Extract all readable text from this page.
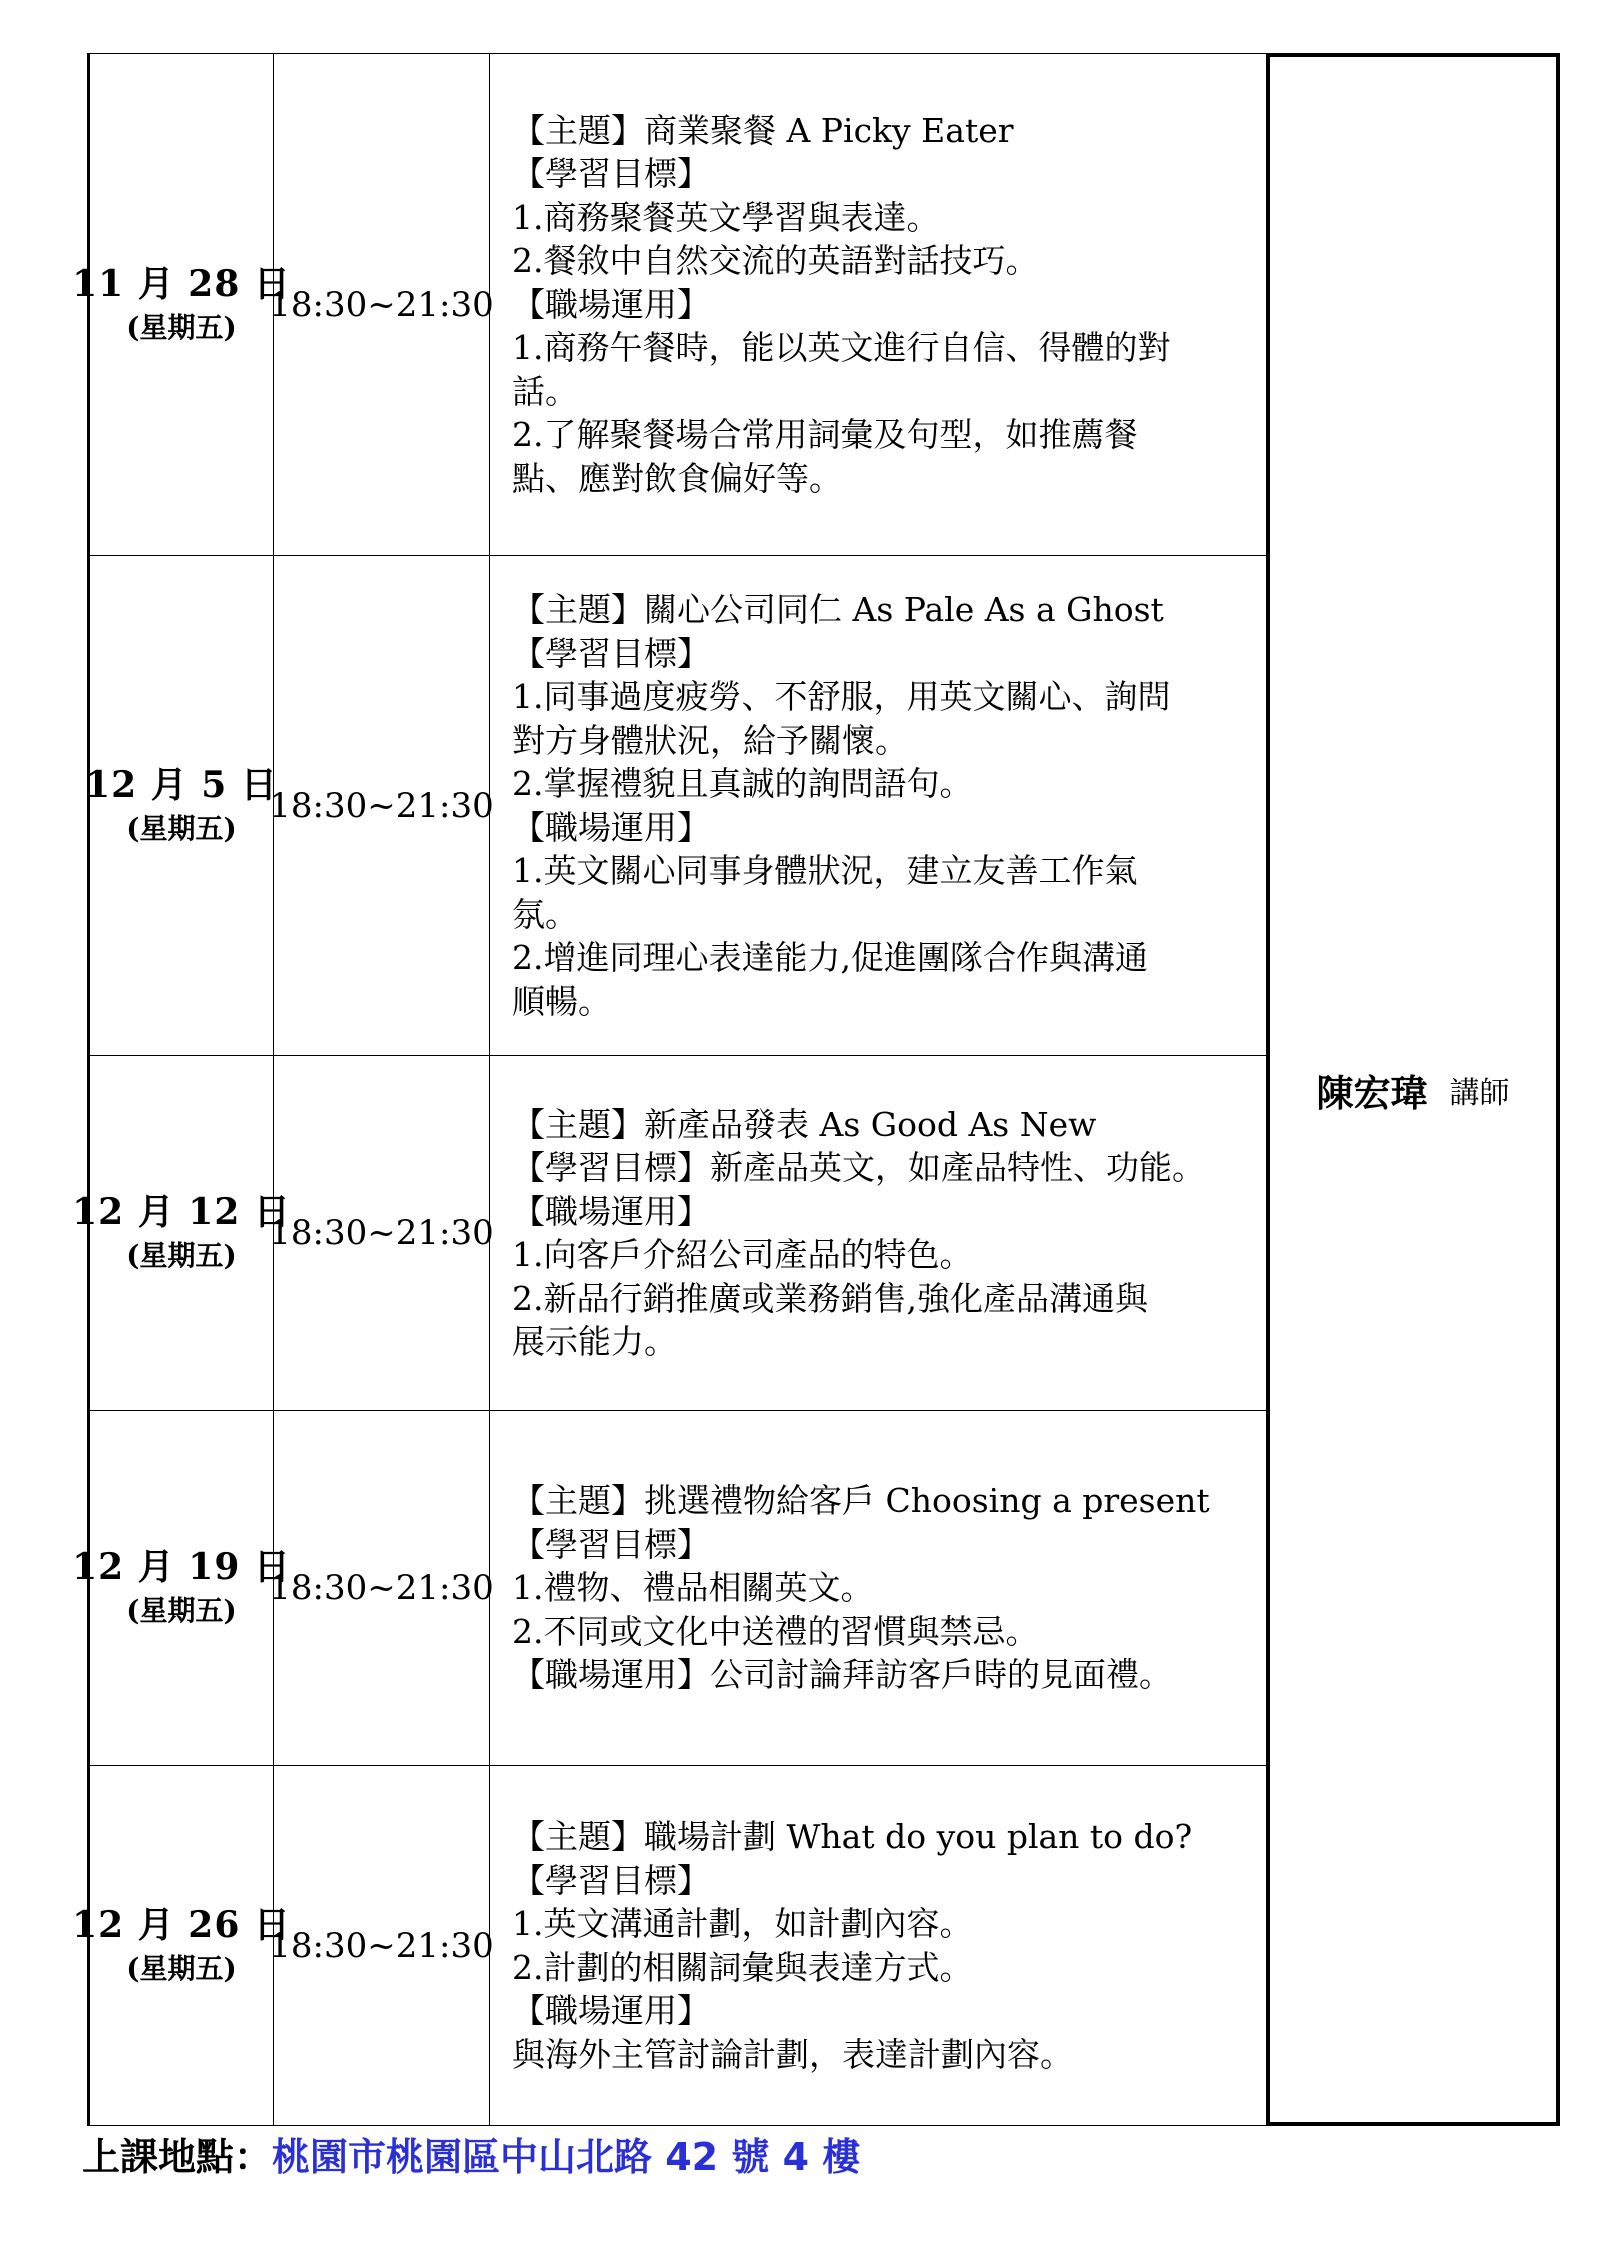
11 月 28 日
(星期五)
18:30~21:30
【主題】商業聚餐 A Picky Eater
【學習目標】
1.商務聚餐英文學習與表達。
2.餐敘中自然交流的英語對話技巧。
【職場運用】
1.商務午餐時，能以英文進行自信、得體的對
話。
2.了解聚餐場合常用詞彙及句型，如推薦餐
點、應對飲食偏好等。
12 月 5 日
(星期五)
18:30~21:30
【主題】關心公司同仁 As Pale As a Ghost
【學習目標】
1.同事過度疲勞、不舒服，用英文關心、詢問
對方身體狀況，給予關懷。
2.掌握禮貌且真誠的詢問語句。
【職場運用】
1.英文關心同事身體狀況，建立友善工作氣
氛。
2.增進同理心表達能力,促進團隊合作與溝通
順暢。
12 月 12 日
(星期五)
18:30~21:30
【主題】新產品發表 As Good As New
【學習目標】新產品英文，如產品特性、功能。
【職場運用】
1.向客戶介紹公司產品的特色。
2.新品行銷推廣或業務銷售,強化產品溝通與
展示能力。
12 月 19 日
(星期五)
18:30~21:30
【主題】挑選禮物給客戶 Choosing a present
【學習目標】
1.禮物、禮品相關英文。
2.不同或文化中送禮的習慣與禁忌。
【職場運用】公司討論拜訪客戶時的見面禮。
12 月 26 日
(星期五)
18:30~21:30
【主題】職場計劃 What do you plan to do?
【學習目標】
1.英文溝通計劃，如計劃內容。
2.計劃的相關詞彙與表達方式。
【職場運用】
與海外主管討論計劃，表達計劃內容。
陳宏瑋 講師
上課地點： 桃園市桃園區中山北路 42 號 4 樓
